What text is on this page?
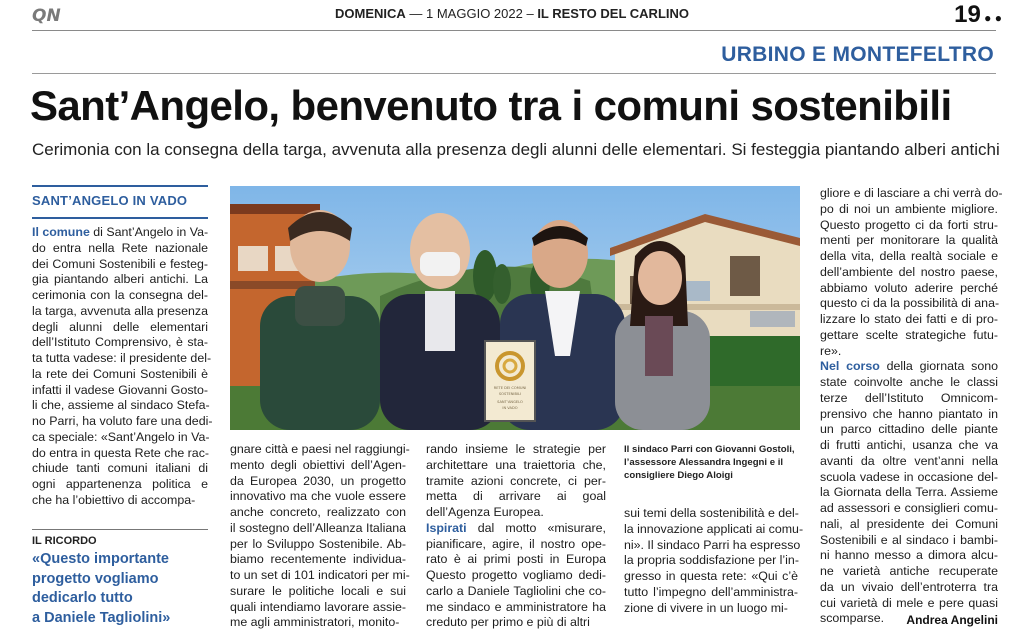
QN	DOMENICA — 1 MAGGIO 2022 – IL RESTO DEL CARLINO	19 ● ●
URBINO E MONTEFELTRO
Sant’Angelo, benvenuto tra i comuni sostenibili
Cerimonia con la consegna della targa, avvenuta alla presenza degli alunni delle elementari. Si festeggia piantando alberi antichi
SANT’ANGELO IN VADO
Il comune di Sant’Angelo in Va-
do entra nella Rete nazionale
dei Comuni Sostenibili e festeg-
gia piantando alberi antichi. La
cerimonia con la consegna del-
la targa, avvenuta alla presenza
degli alunni delle elementari
dell’Istituto Comprensivo, è sta-
ta tutta vadese: il presidente del-
la rete dei Comuni Sostenibili è
infatti il vadese Giovanni Gosto-
li che, assieme al sindaco Stefa-
no Parri, ha voluto fare una dedi-
ca speciale: «Sant’Angelo in Va-
do entra in questa Rete che rac-
chiude tanti comuni italiani di
ogni appartenenza politica e
che ha l’obiettivo di accompa-
IL RICORDO
«Questo importante
progetto vogliamo
dedicarlo tutto
a Daniele Tagliolini»
RETE DEI COMUNI
SOSTENIBILI
SANT’ANGELO
IN VADO
gnare città e paesi nel raggiungi-
mento degli obiettivi dell’Agen-
da Europea 2030, un progetto
innovativo ma che vuole essere
anche concreto, realizzato con
il sostegno dell’Alleanza Italiana
per lo Sviluppo Sostenibile. Ab-
biamo recentemente individua-
to un set di 101 indicatori per mi-
surare le politiche locali e sui
quali intendiamo lavorare assie-
me agli amministratori, monito-
rando insieme le strategie per
architettare una traiettoria che,
tramite azioni concrete, ci per-
metta di arrivare ai goal
dell’Agenza Europea.
Ispirati dal motto «misurare,
pianificare, agire, il nostro ope-
rato è ai primi posti in Europa
Questo progetto vogliamo dedi-
carlo a Daniele Tagliolini che co-
me sindaco e amministratore ha
creduto per primo e più di altri
Il sindaco Parri con Giovanni Gostoli,
l’assessore Alessandra Ingegni e il
consigliere Diego Aloigi
sui temi della sostenibilità e del-
la innovazione applicati ai comu-
ni». Il sindaco Parri ha espresso
la propria soddisfazione per l’in-
gresso in questa rete: «Qui c’è
tutto l’impegno dell’amministra-
zione di vivere in un luogo mi-
gliore e di lasciare a chi verrà do-
po di noi un ambiente migliore.
Questo progetto ci da forti stru-
menti per monitorare la qualità
della vita, della realtà sociale e
dell’ambiente del nostro paese,
abbiamo voluto aderire perché
questo ci da la possibilità di ana-
lizzare lo stato dei fatti e di pro-
gettare scelte strategiche futu-
re».
Nel corso della giornata sono
state coinvolte anche le classi
terze dell’Istituto Omnicom-
prensivo che hanno piantato in
un parco cittadino delle piante
di frutti antichi, usanza che va
avanti da oltre vent’anni nella
scuola vadese in occasione del-
la Giornata della Terra. Assieme
ad assessori e consiglieri comu-
nali, al presidente dei Comuni
Sostenibili e al sindaco i bambi-
ni hanno messo a dimora alcu-
ne varietà antiche recuperate
da un vivaio dell’entroterra tra
cui varietà di mele e pere quasi
scomparse.	Andrea Angelini
